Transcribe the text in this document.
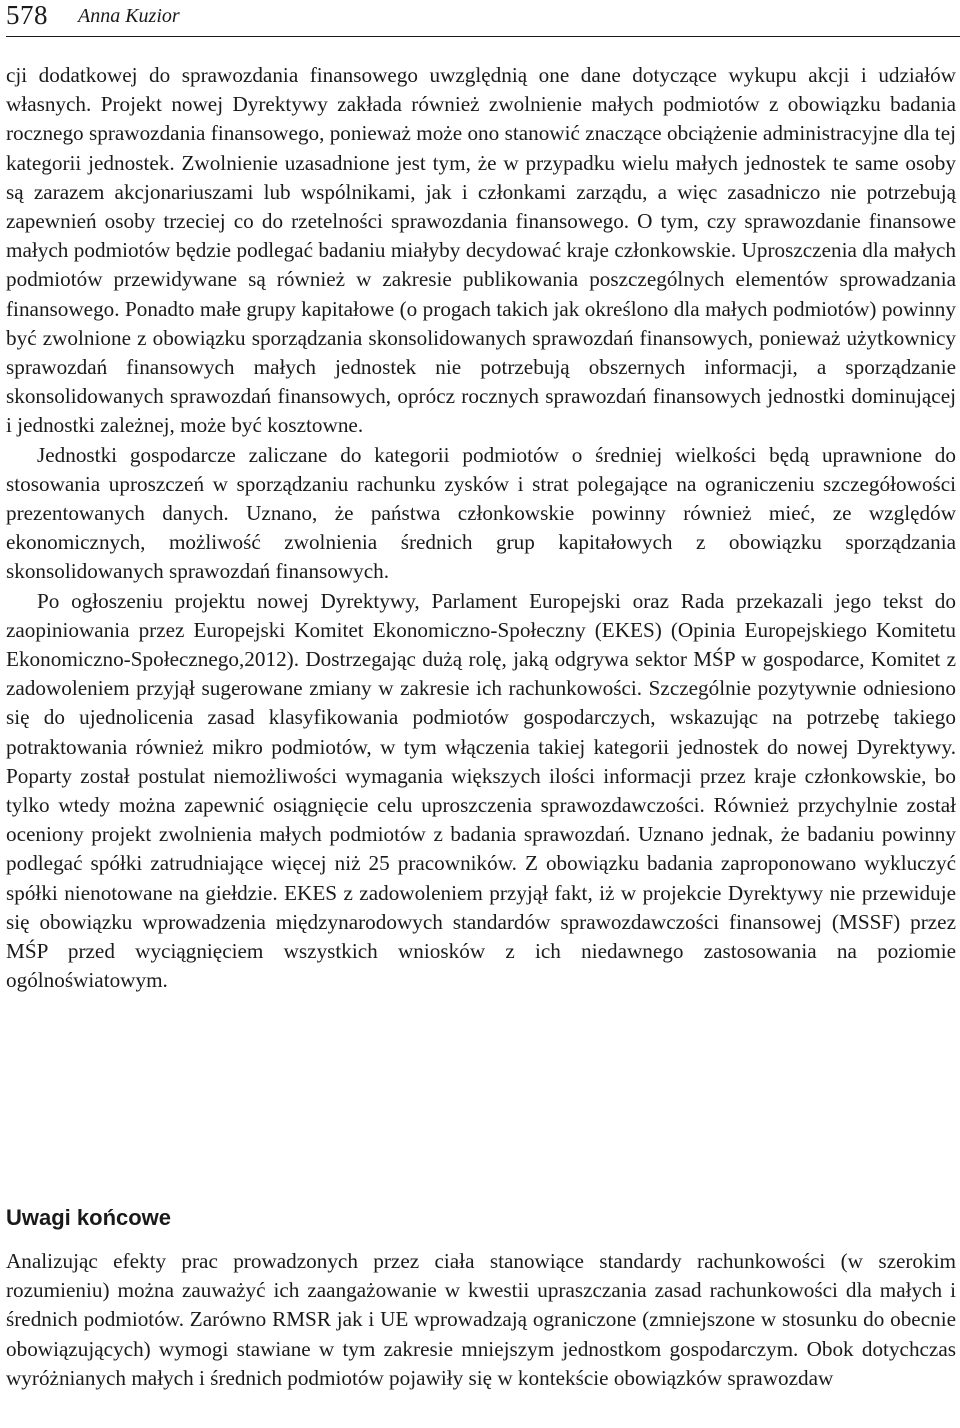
578 Anna Kuzior

cji dodatkowej do sprawozdania finansowego uwzględnią one dane dotyczące wykupu akcji i udziałów własnych. Projekt nowej Dyrektywy zakłada również zwolnienie małych podmiotów z obowiązku badania rocznego sprawozdania finansowego, ponieważ może ono stanowić znaczące obciążenie administracyjne dla tej kategorii jednostek. Zwolnienie uzasadnione jest tym, że w przypadku wielu małych jednostek te same osoby są zarazem akcjonariuszami lub wspólnikami, jak i członkami zarządu, a więc zasadniczo nie potrzebują zapewnień osoby trzeciej co do rzetelności sprawozdania finansowego. O tym, czy sprawozdanie finansowe małych podmiotów będzie podlegać badaniu miałyby decydować kraje członkowskie. Uproszczenia dla małych podmiotów przewidywane są również w zakresie publikowania poszczególnych elementów sprowadzania finansowego. Ponadto małe grupy kapitałowe (o progach takich jak określono dla małych podmiotów) powinny być zwolnione z obowiązku sporządzania skonsolidowanych sprawozdań finansowych, ponieważ użytkownicy sprawozdań finansowych małych jednostek nie potrzebują obszernych informacji, a sporządzanie skonsolidowanych sprawozdań finansowych, oprócz rocznych sprawozdań finansowych jednostki dominującej i jednostki zależnej, może być kosztowne.

Jednostki gospodarcze zaliczane do kategorii podmiotów o średniej wielkości będą uprawnione do stosowania uproszczeń w sporządzaniu rachunku zysków i strat polegające na ograniczeniu szczegółowości prezentowanych danych. Uznano, że państwa członkowskie powinny również mieć, ze względów ekonomicznych, możliwość zwolnienia średnich grup kapitałowych z obowiązku sporządzania skonsolidowanych sprawozdań finansowych.

Po ogłoszeniu projektu nowej Dyrektywy, Parlament Europejski oraz Rada przekazali jego tekst do zaopiniowania przez Europejski Komitet Ekonomiczno-Społeczny (EKES) (Opinia Europejskiego Komitetu Ekonomiczno-Społecznego,2012). Dostrzegając dużą rolę, jaką odgrywa sektor MŚP w gospodarce, Komitet z zadowoleniem przyjął sugerowane zmiany w zakresie ich rachunkowości. Szczególnie pozytywnie odniesiono się do ujednolicenia zasad klasyfikowania podmiotów gospodarczych, wskazując na potrzebę takiego potraktowania również mikro podmiotów, w tym włączenia takiej kategorii jednostek do nowej Dyrektywy. Poparty został postulat niemożliwości wymagania większych ilości informacji przez kraje członkowskie, bo tylko wtedy można zapewnić osiągnięcie celu uproszczenia sprawozdawczości. Również przychylnie został oceniony projekt zwolnienia małych podmiotów z badania sprawozdań. Uznano jednak, że badaniu powinny podlegać spółki zatrudniające więcej niż 25 pracowników. Z obowiązku badania zaproponowano wykluczyć spółki nienotowane na giełdzie. EKES z zadowoleniem przyjął fakt, iż w projekcie Dyrektywy nie przewiduje się obowiązku wprowadzenia międzynarodowych standardów sprawozdawczości finansowej (MSSF) przez MŚP przed wyciągnięciem wszystkich wniosków z ich niedawnego zastosowania na poziomie ogólnoświatowym.

Uwagi końcowe

Analizując efekty prac prowadzonych przez ciała stanowiące standardy rachunkowości (w szerokim rozumieniu) można zauważyć ich zaangażowanie w kwestii upraszczania zasad rachunkowości dla małych i średnich podmiotów. Zarówno RMSR jak i UE wprowadzają ograniczone (zmniejszone w stosunku do obecnie obowiązujących) wymogi stawiane w tym zakresie mniejszym jednostkom gospodarczym. Obok dotychczas wyróżnianych małych i średnich podmiotów pojawiły się w kontekście obowiązków sprawozdaw
